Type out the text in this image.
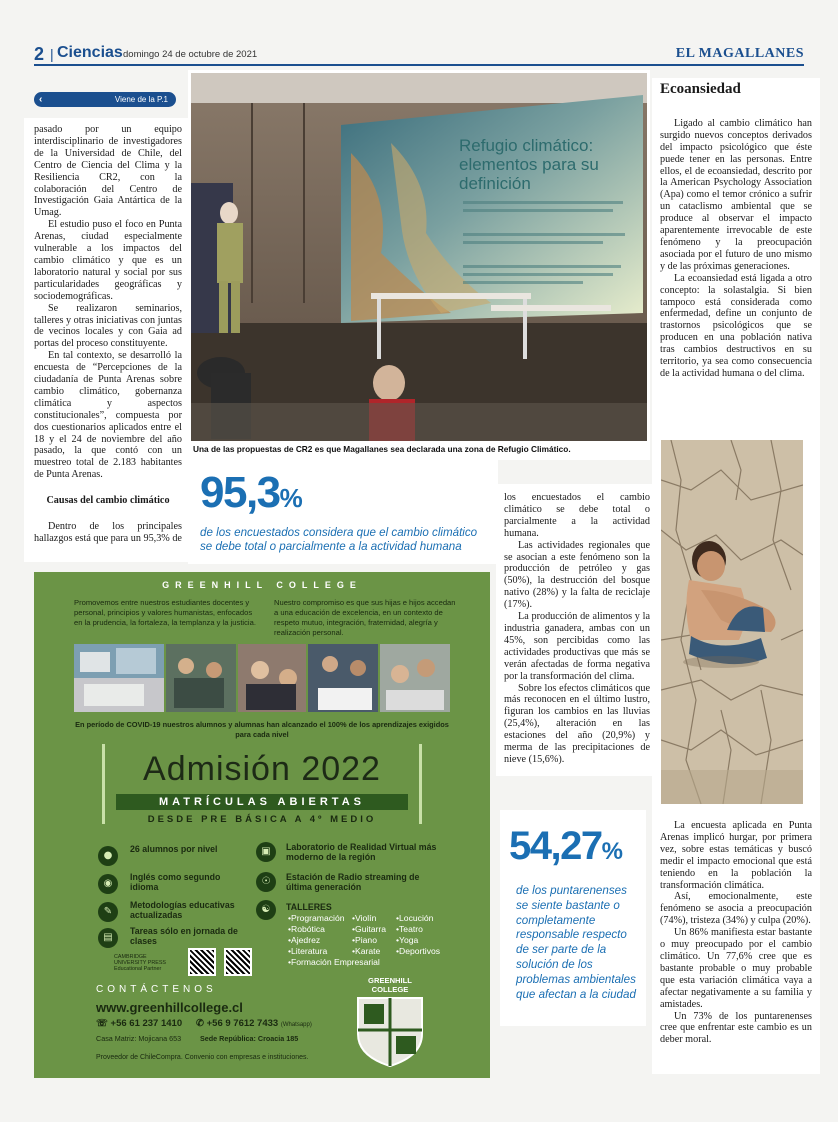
2 | Ciencias domingo 24 de octubre de 2021	EL MAGALLANES
Viene de la P.1
‹

pasado por un equipo interdisciplinario de investigadores de la Universidad de Chile, del Centro de Ciencia del Clima y la Resiliencia CR2, con la colaboración del Centro de Investigación Gaia Antártica de la Umag.

El estudio puso el foco en Punta Arenas, ciudad especialmente vulnerable a los impactos del cambio climático y que es un laboratorio natural y social por sus particularidades geográficas y sociodemográficas.

Se realizaron seminarios, talleres y otras iniciativas con juntas de vecinos locales y con Gaia ad portas del proceso constituyente.

En tal contexto, se desarrolló la encuesta de “Percepciones de la ciudadanía de Punta Arenas sobre cambio climático, gobernanza climática y aspectos constitucionales”, compuesta por dos cuestionarios aplicados entre el 18 y el 24 de noviembre del año pasado, la que contó con un muestreo total de 2.183 habitantes de Punta Arenas.

Causas del cambio climático

Dentro de los principales hallazgos está que para un 95,3% de

Refugio climático: elementos para su definición
Una de las propuestas de CR2 es que Magallanes sea declarada una zona de Refugio Climático.
95,3%
de los encuestados considera que el cambio climático se debe total o parcialmente a la actividad humana

los encuestados el cambio climático se debe total o parcialmente a la actividad humana.

Las actividades regionales que se asocian a este fenómeno son la producción de petróleo y gas (50%), la destrucción del bosque nativo (28%) y la falta de reciclaje (17%).

La producción de alimentos y la industria ganadera, ambas con un 45%, son percibidas como las actividades productivas que más se verán afectadas de forma negativa por la transformación del clima.

Sobre los efectos climáticos que más reconocen en el último lustro, figuran los cambios en las lluvias (25,4%), alteración en las estaciones del año (20,9%) y merma de las precipitaciones de nieve (15,6%).

54,27%
de los puntarenenses se siente bastante o completamente responsable respecto de ser parte de la solución de los problemas ambientales que afectan a la ciudad
Ecoansiedad

Ligado al cambio climático han surgido nuevos conceptos derivados del impacto psicológico que éste puede tener en las personas. Entre ellos, el de ecoansiedad, descrito por la American Psychology Association (Apa) como el temor crónico a sufrir un cataclismo ambiental que se produce al observar el impacto aparentemente irrevocable de este fenómeno y la preocupación asociada por el futuro de uno mismo y de las próximas generaciones.

La ecoansiedad está ligada a otro concepto: la solastalgia. Si bien tampoco está considerada como enfermedad, define un conjunto de trastornos psicológicos que se producen en una población nativa tras cambios destructivos en su territorio, ya sea como consecuencia de la actividad humana o del clima.

La encuesta aplicada en Punta Arenas implicó hurgar, por primera vez, sobre estas temáticas y buscó medir el impacto emocional que está teniendo en la población la transformación climática.

Así, emocionalmente, este fenómeno se asocia a preocupación (74%), tristeza (34%) y culpa (20%).

Un 86% manifiesta estar bastante o muy preocupado por el cambio climático. Un 77,6% cree que es bastante probable o muy probable que esta variación climática vaya a afectar negativamente a su familia y amistades.

Un 73% de los puntarenenses cree que enfrentar este cambio es un deber moral.

GREENHILL COLLEGE
Promovemos entre nuestros estudiantes docentes y personal, principios y valores humanistas, enfocados en la prudencia, la fortaleza, la templanza y la justicia.
Nuestro compromiso es que sus hijas e hijos accedan a una educación de excelencia, en un contexto de respeto mutuo, integración, fraternidad, alegría y realización personal.
En período de COVID-19 nuestros alumnos y alumnas han alcanzado el 100% de los aprendizajes exigidos para cada nivel
Admisión 2022
MATRÍCULAS ABIERTAS
DESDE PRE BÁSICA A 4º MEDIO
●
26 alumnos por nivel
◉
Inglés como segundo idioma
✎
Metodologías educativas actualizadas
▤
Tareas sólo en jornada de clases
CAMBRIDGE UNIVERSITY PRESS Educational Partner
▣	Laboratorio de Realidad Virtual más moderno de la región
☉	Estación de Radio streaming de última generación
☯	TALLERES
•Programación •Violín	•Locución
•Robótica	•Guitarra	•Teatro
•Ajedrez	•Piano	•Yoga
•Literatura	•Karate	•Deportivos
•Formación Empresarial
CONTÁCTENOS
www.greenhillcollege.cl
☏ +56 61 237 1410 ✆ +56 9 7612 7433 (Whatsapp)
Casa Matriz: Mojicana 653	Sede República: Croacia 185
Proveedor de ChileCompra. Convenio con empresas e instituciones.
GREENHILL COLLEGE
